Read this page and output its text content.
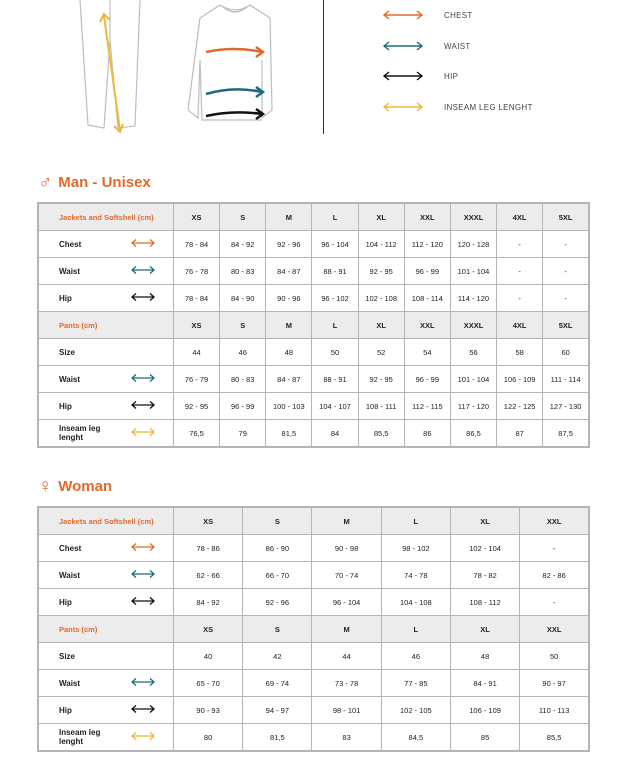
CHEST
WAIST
HIP
INSEAM LEG LENGHT
♂ Man - Unisex
Jackets and Softshell (cm)		XS	S	M	L	XL	XXL	XXXL	4XL	5XL
Chest		78 - 84	84 - 92	92 - 96	96 - 104	104 - 112	112 - 120	120 - 128	-	-
Waist		76 - 78	80 - 83	84 - 87	88 - 91	92 - 95	96 - 99	101 - 104	-	-
Hip		78 - 84	84 - 90	90 - 96	96 - 102	102 - 108	108 - 114	114 - 120	-	-
Pants (cm)		XS	S	M	L	XL	XXL	XXXL	4XL	5XL
Size		44	46	48	50	52	54	56	58	60
Waist		76 - 79	80 - 83	84 - 87	88 - 91	92 - 95	96 - 99	101 - 104	106 - 109	111 - 114
Hip		92 - 95	96 - 99	100 - 103	104 - 107	108 - 111	112 - 115	117 - 120	122 - 125	127 - 130
Inseam leg lenght		76,5	79	81,5	84	85,5	86	86,5	87	87,5
♀ Woman
Jackets and Softshell (cm)		XS	S	M	L	XL	XXL
Chest		78 - 86	86 - 90	90 - 98	98 - 102	102 - 104	-
Waist		62 - 66	66 - 70	70 - 74	74 - 78	78 - 82	82 - 86
Hip		84 - 92	92 - 96	96 - 104	104 - 108	108 - 112	-
Pants (cm)		XS	S	M	L	XL	XXL
Size		40	42	44	46	48	50
Waist		65 - 70	69 - 74	73 - 78	77 - 85	84 - 91	90 - 97
Hip		90 - 93	94 - 97	98 - 101	102 - 105	106 - 109	110 - 113
Inseam leg lenght		80	81,5	83	84,5	85	85,5
